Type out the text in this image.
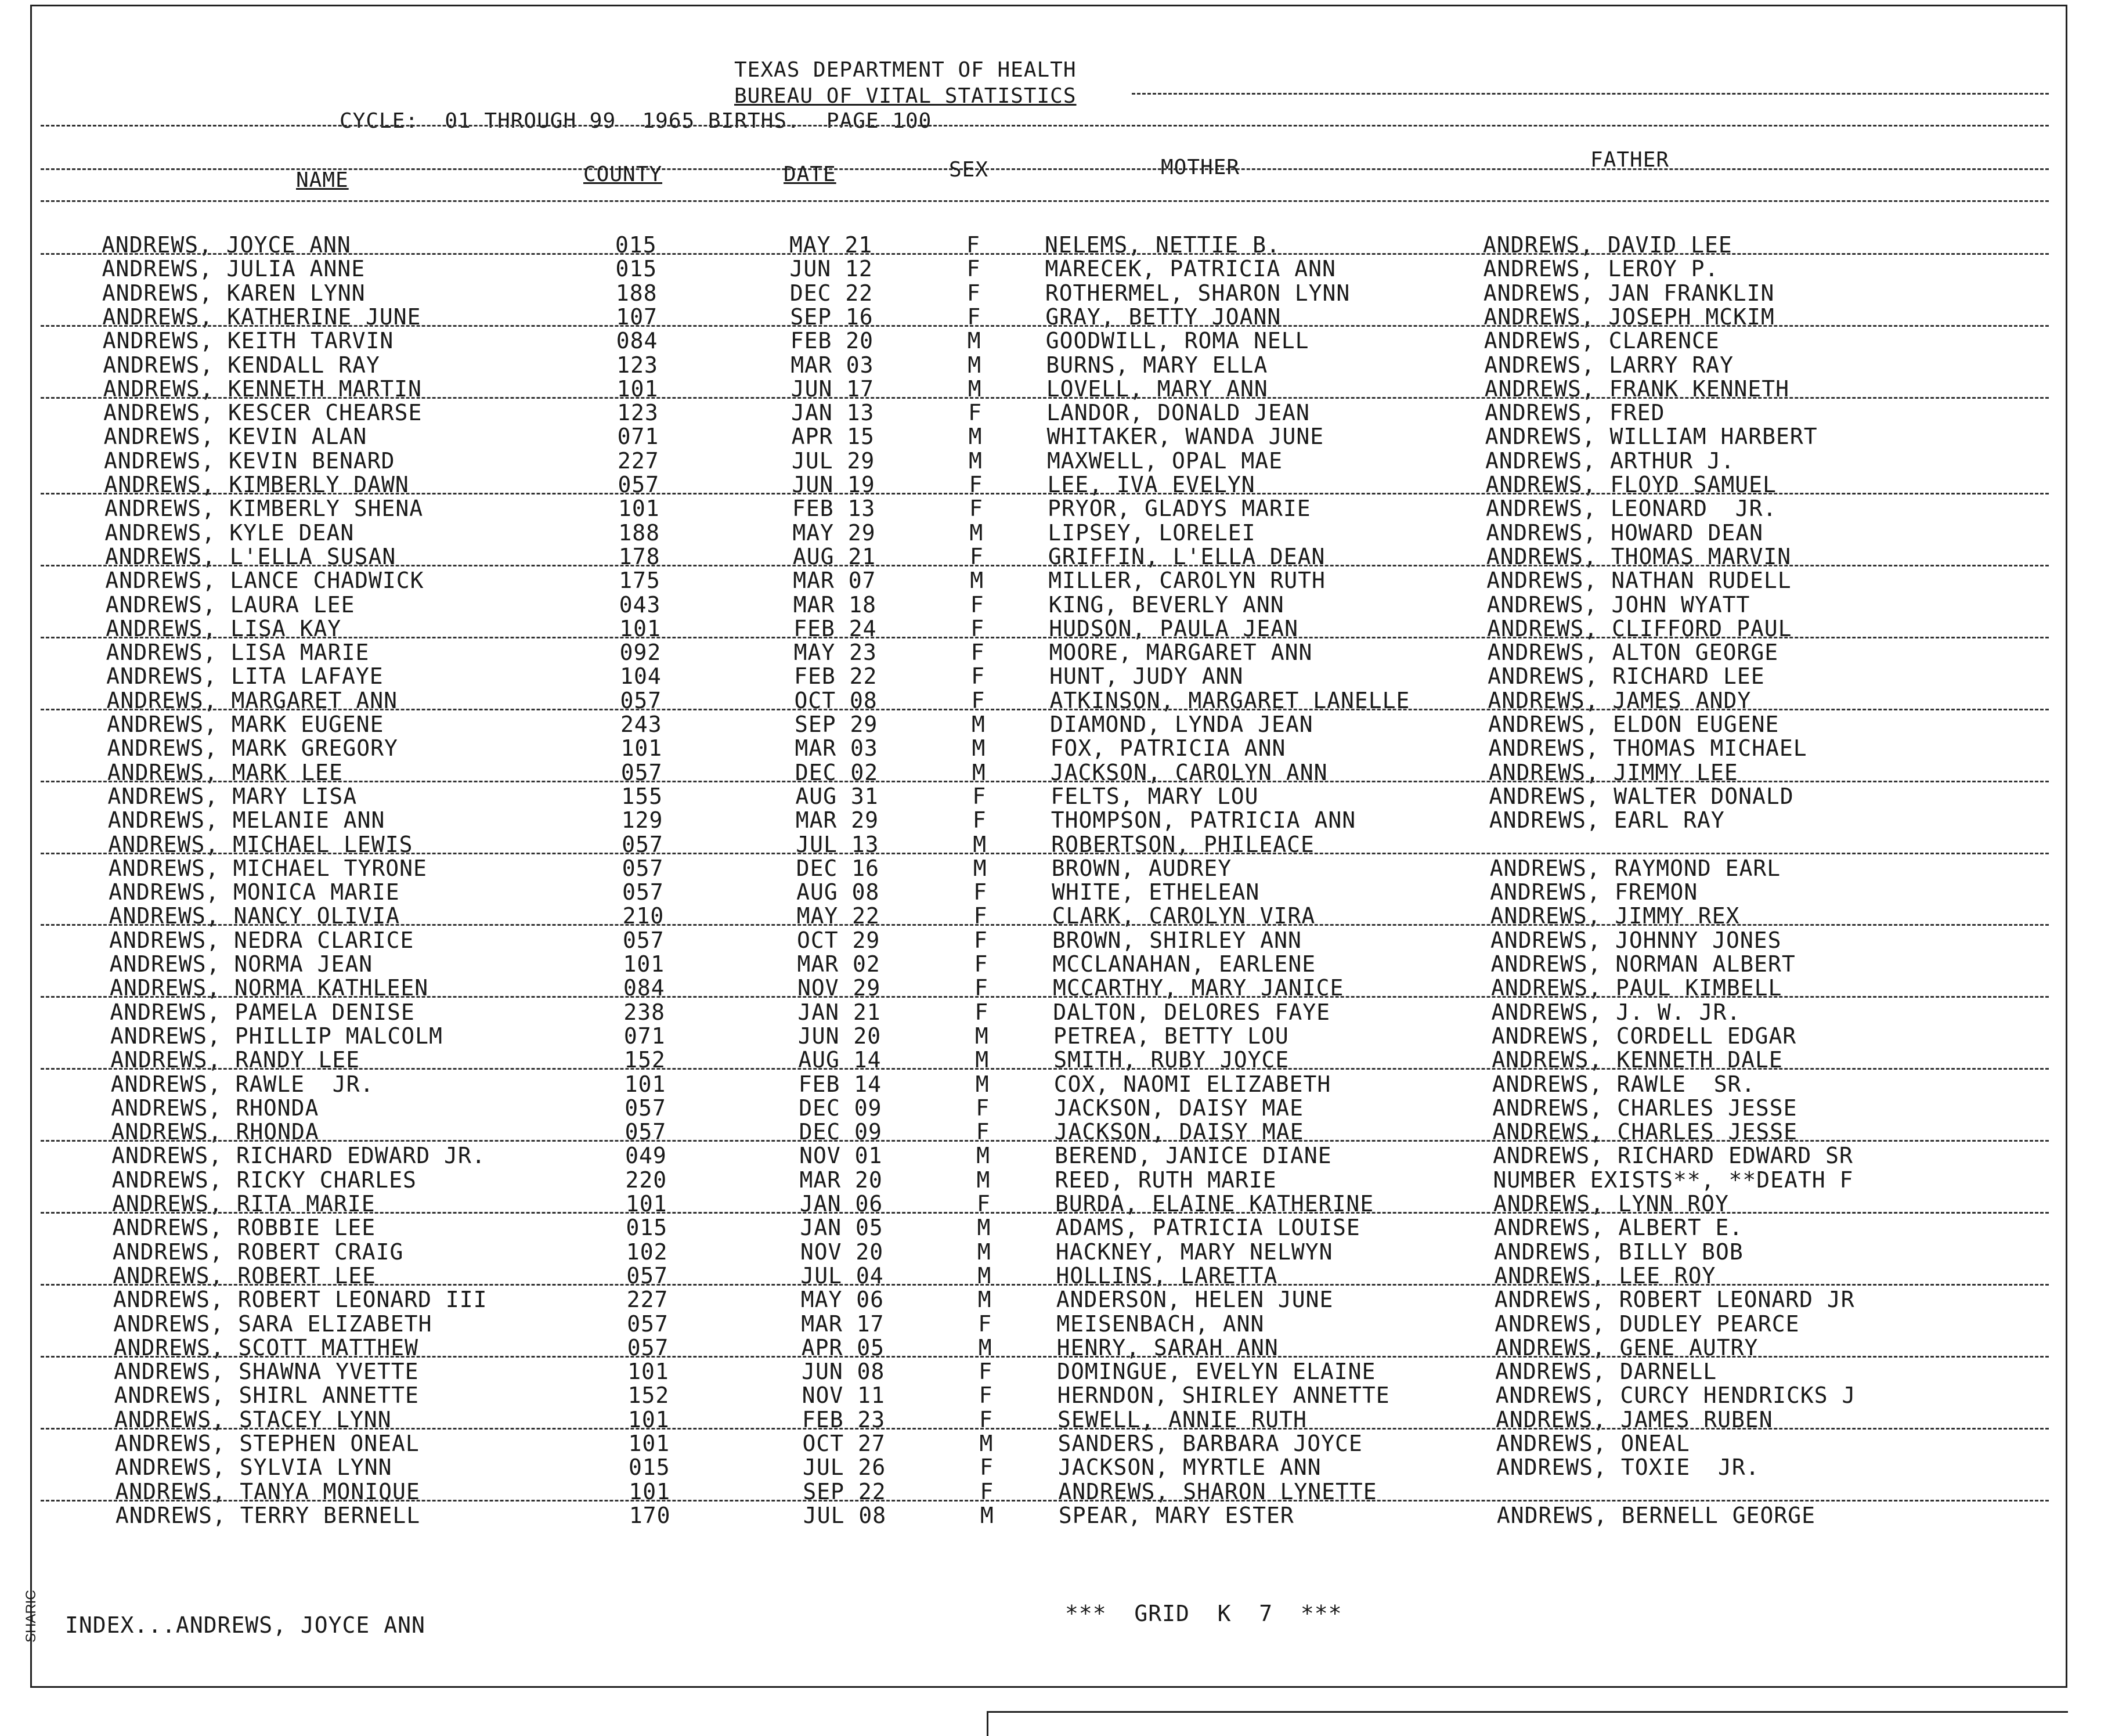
TEXAS DEPARTMENT OF HEALTH
BUREAU OF VITAL STATISTICS
CYCLE:  01 THROUGH 99  1965 BIRTHS.  PAGE 100
NAME	COUNTY	DATE	SEX	MOTHER	FATHER
ANDREWS, JOYCE ANN	015	MAY 21	F	NELEMS, NETTIE B.	ANDREWS, DAVID LEE
ANDREWS, JULIA ANNE	015	JUN 12	F	MARECEK, PATRICIA ANN	ANDREWS, LEROY P.
ANDREWS, KAREN LYNN	188	DEC 22	F	ROTHERMEL, SHARON LYNN	ANDREWS, JAN FRANKLIN
ANDREWS, KATHERINE JUNE	107	SEP 16	F	GRAY, BETTY JOANN	ANDREWS, JOSEPH MCKIM
ANDREWS, KEITH TARVIN	084	FEB 20	M	GOODWILL, ROMA NELL	ANDREWS, CLARENCE
ANDREWS, KENDALL RAY	123	MAR 03	M	BURNS, MARY ELLA	ANDREWS, LARRY RAY
ANDREWS, KENNETH MARTIN	101	JUN 17	M	LOVELL, MARY ANN	ANDREWS, FRANK KENNETH
ANDREWS, KESCER CHEARSE	123	JAN 13	F	LANDOR, DONALD JEAN	ANDREWS, FRED
ANDREWS, KEVIN ALAN	071	APR 15	M	WHITAKER, WANDA JUNE	ANDREWS, WILLIAM HARBERT
ANDREWS, KEVIN BENARD	227	JUL 29	M	MAXWELL, OPAL MAE	ANDREWS, ARTHUR J.
ANDREWS, KIMBERLY DAWN	057	JUN 19	F	LEE, IVA EVELYN	ANDREWS, FLOYD SAMUEL
ANDREWS, KIMBERLY SHENA	101	FEB 13	F	PRYOR, GLADYS MARIE	ANDREWS, LEONARD  JR.
ANDREWS, KYLE DEAN	188	MAY 29	M	LIPSEY, LORELEI	ANDREWS, HOWARD DEAN
ANDREWS, L'ELLA SUSAN	178	AUG 21	F	GRIFFIN, L'ELLA DEAN	ANDREWS, THOMAS MARVIN
ANDREWS, LANCE CHADWICK	175	MAR 07	M	MILLER, CAROLYN RUTH	ANDREWS, NATHAN RUDELL
ANDREWS, LAURA LEE	043	MAR 18	F	KING, BEVERLY ANN	ANDREWS, JOHN WYATT
ANDREWS, LISA KAY	101	FEB 24	F	HUDSON, PAULA JEAN	ANDREWS, CLIFFORD PAUL
ANDREWS, LISA MARIE	092	MAY 23	F	MOORE, MARGARET ANN	ANDREWS, ALTON GEORGE
ANDREWS, LITA LAFAYE	104	FEB 22	F	HUNT, JUDY ANN	ANDREWS, RICHARD LEE
ANDREWS, MARGARET ANN	057	OCT 08	F	ATKINSON, MARGARET LANELLE	ANDREWS, JAMES ANDY
ANDREWS, MARK EUGENE	243	SEP 29	M	DIAMOND, LYNDA JEAN	ANDREWS, ELDON EUGENE
ANDREWS, MARK GREGORY	101	MAR 03	M	FOX, PATRICIA ANN	ANDREWS, THOMAS MICHAEL
ANDREWS, MARK LEE	057	DEC 02	M	JACKSON, CAROLYN ANN	ANDREWS, JIMMY LEE
ANDREWS, MARY LISA	155	AUG 31	F	FELTS, MARY LOU	ANDREWS, WALTER DONALD
ANDREWS, MELANIE ANN	129	MAR 29	F	THOMPSON, PATRICIA ANN	ANDREWS, EARL RAY
ANDREWS, MICHAEL LEWIS	057	JUL 13	M	ROBERTSON, PHILEACE
ANDREWS, MICHAEL TYRONE	057	DEC 16	M	BROWN, AUDREY	ANDREWS, RAYMOND EARL
ANDREWS, MONICA MARIE	057	AUG 08	F	WHITE, ETHELEAN	ANDREWS, FREMON
ANDREWS, NANCY OLIVIA	210	MAY 22	F	CLARK, CAROLYN VIRA	ANDREWS, JIMMY REX
ANDREWS, NEDRA CLARICE	057	OCT 29	F	BROWN, SHIRLEY ANN	ANDREWS, JOHNNY JONES
ANDREWS, NORMA JEAN	101	MAR 02	F	MCCLANAHAN, EARLENE	ANDREWS, NORMAN ALBERT
ANDREWS, NORMA KATHLEEN	084	NOV 29	F	MCCARTHY, MARY JANICE	ANDREWS, PAUL KIMBELL
ANDREWS, PAMELA DENISE	238	JAN 21	F	DALTON, DELORES FAYE	ANDREWS, J. W. JR.
ANDREWS, PHILLIP MALCOLM	071	JUN 20	M	PETREA, BETTY LOU	ANDREWS, CORDELL EDGAR
ANDREWS, RANDY LEE	152	AUG 14	M	SMITH, RUBY JOYCE	ANDREWS, KENNETH DALE
ANDREWS, RAWLE  JR.	101	FEB 14	M	COX, NAOMI ELIZABETH	ANDREWS, RAWLE  SR.
ANDREWS, RHONDA	057	DEC 09	F	JACKSON, DAISY MAE	ANDREWS, CHARLES JESSE
ANDREWS, RHONDA	057	DEC 09	F	JACKSON, DAISY MAE	ANDREWS, CHARLES JESSE
ANDREWS, RICHARD EDWARD JR.	049	NOV 01	M	BEREND, JANICE DIANE	ANDREWS, RICHARD EDWARD SR
ANDREWS, RICKY CHARLES	220	MAR 20	M	REED, RUTH MARIE	NUMBER EXISTS**, **DEATH F
ANDREWS, RITA MARIE	101	JAN 06	F	BURDA, ELAINE KATHERINE	ANDREWS, LYNN ROY
ANDREWS, ROBBIE LEE	015	JAN 05	M	ADAMS, PATRICIA LOUISE	ANDREWS, ALBERT E.
ANDREWS, ROBERT CRAIG	102	NOV 20	M	HACKNEY, MARY NELWYN	ANDREWS, BILLY BOB
ANDREWS, ROBERT LEE	057	JUL 04	M	HOLLINS, LARETTA	ANDREWS, LEE ROY
ANDREWS, ROBERT LEONARD III	227	MAY 06	M	ANDERSON, HELEN JUNE	ANDREWS, ROBERT LEONARD JR
ANDREWS, SARA ELIZABETH	057	MAR 17	F	MEISENBACH, ANN	ANDREWS, DUDLEY PEARCE
ANDREWS, SCOTT MATTHEW	057	APR 05	M	HENRY, SARAH ANN	ANDREWS, GENE AUTRY
ANDREWS, SHAWNA YVETTE	101	JUN 08	F	DOMINGUE, EVELYN ELAINE	ANDREWS, DARNELL
ANDREWS, SHIRL ANNETTE	152	NOV 11	F	HERNDON, SHIRLEY ANNETTE	ANDREWS, CURCY HENDRICKS J
ANDREWS, STACEY LYNN	101	FEB 23	F	SEWELL, ANNIE RUTH	ANDREWS, JAMES RUBEN
ANDREWS, STEPHEN ONEAL	101	OCT 27	M	SANDERS, BARBARA JOYCE	ANDREWS, ONEAL
ANDREWS, SYLVIA LYNN	015	JUL 26	F	JACKSON, MYRTLE ANN	ANDREWS, TOXIE  JR.
ANDREWS, TANYA MONIQUE	101	SEP 22	F	ANDREWS, SHARON LYNETTE
ANDREWS, TERRY BERNELL	170	JUL 08	M	SPEAR, MARY ESTER	ANDREWS, BERNELL GEORGE
INDEX...ANDREWS, JOYCE ANN	***  GRID  K  7  ***
SHARIC
